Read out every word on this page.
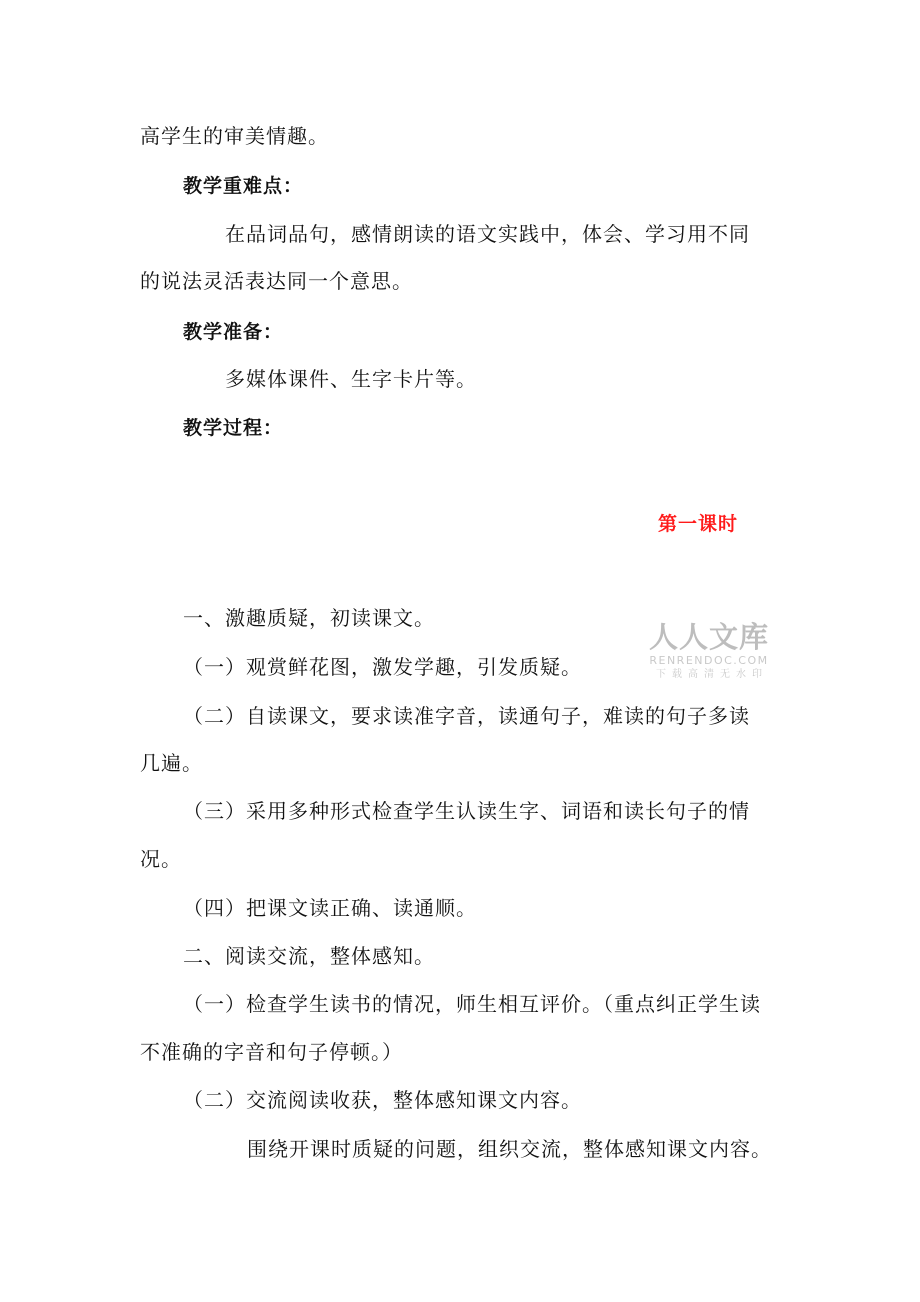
高学生的审美情趣。
教学重难点：
在品词品句，感情朗读的语文实践中，体会、学习用不同
的说法灵活表达同一个意思。
教学准备：
多媒体课件、生字卡片等。
教学过程：
第一课时
一、激趣质疑，初读课文。
（一）观赏鲜花图，激发学趣，引发质疑。
（二）自读课文，要求读准字音，读通句子，难读的句子多读
几遍。
（三）采用多种形式检查学生认读生字、词语和读长句子的情
况。
（四）把课文读正确、读通顺。
二、阅读交流，整体感知。
（一）检查学生读书的情况，师生相互评价。（重点纠正学生读
不准确的字音和句子停顿。）
（二）交流阅读收获，整体感知课文内容。
围绕开课时质疑的问题，组织交流，整体感知课文内容。
人人文库
RENRENDOC.COM
下载高清无水印
